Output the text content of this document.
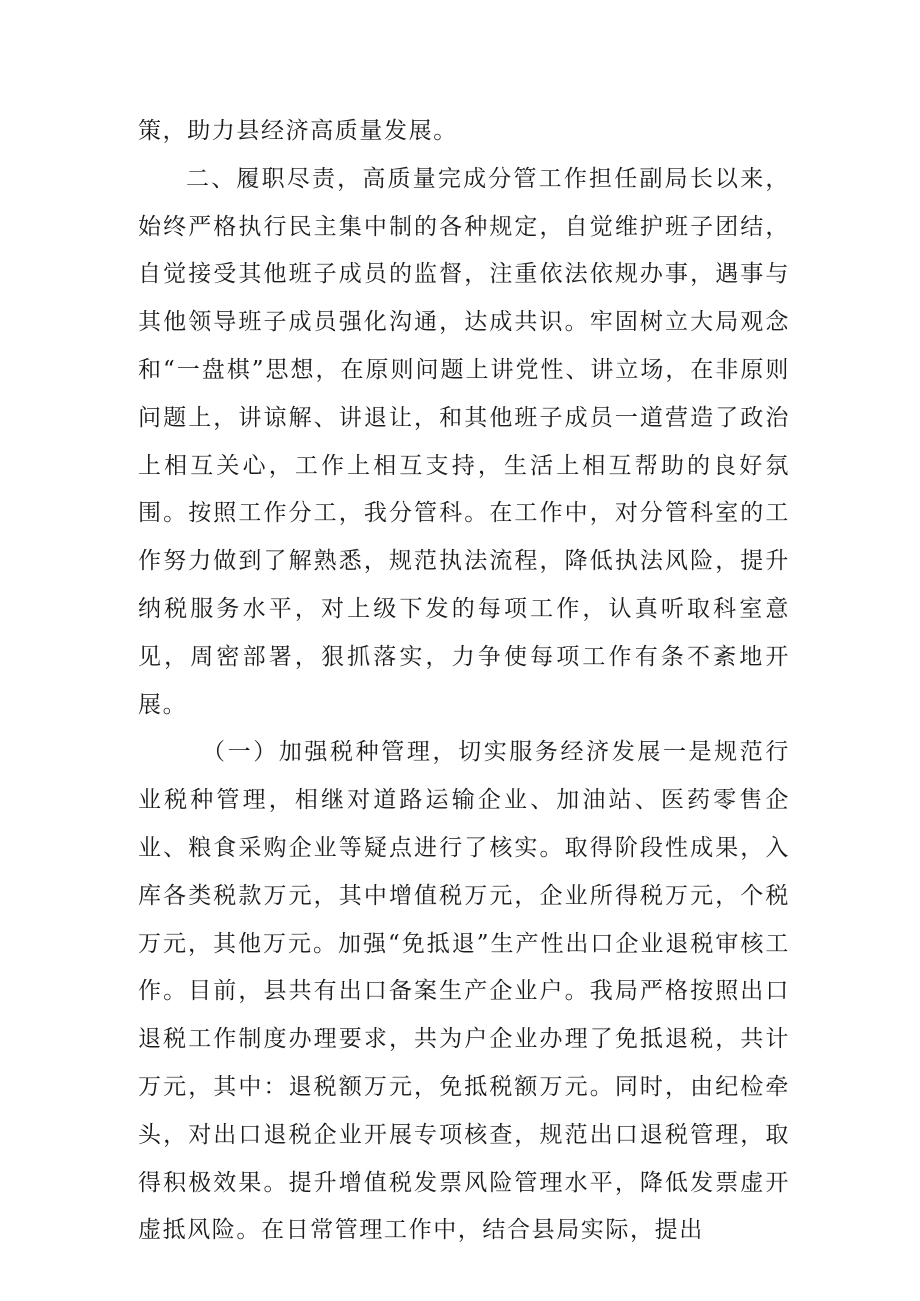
策，助力县经济高质量发展。

二、履职尽责，高质量完成分管工作担任副局长以来，始终严格执行民主集中制的各种规定，自觉维护班子团结，自觉接受其他班子成员的监督，注重依法依规办事，遇事与其他领导班子成员强化沟通，达成共识。牢固树立大局观念和“一盘棋”思想，在原则问题上讲党性、讲立场，在非原则问题上，讲谅解、讲退让，和其他班子成员一道营造了政治上相互关心，工作上相互支持，生活上相互帮助的良好氛围。按照工作分工，我分管科。在工作中，对分管科室的工作努力做到了解熟悉，规范执法流程，降低执法风险，提升纳税服务水平，对上级下发的每项工作，认真听取科室意见，周密部署，狠抓落实，力争使每项工作有条不紊地开展。

（一）加强税种管理，切实服务经济发展一是规范行业税种管理，相继对道路运输企业、加油站、医药零售企业、粮食采购企业等疑点进行了核实。取得阶段性成果，入库各类税款万元，其中增值税万元，企业所得税万元，个税万元，其他万元。加强“免抵退”生产性出口企业退税审核工作。目前，县共有出口备案生产企业户。我局严格按照出口退税工作制度办理要求，共为户企业办理了免抵退税，共计万元，其中：退税额万元，免抵税额万元。同时，由纪检牵头，对出口退税企业开展专项核查，规范出口退税管理，取得积极效果。提升增值税发票风险管理水平，降低发票虚开虚抵风险。在日常管理工作中，结合县局实际，提出
